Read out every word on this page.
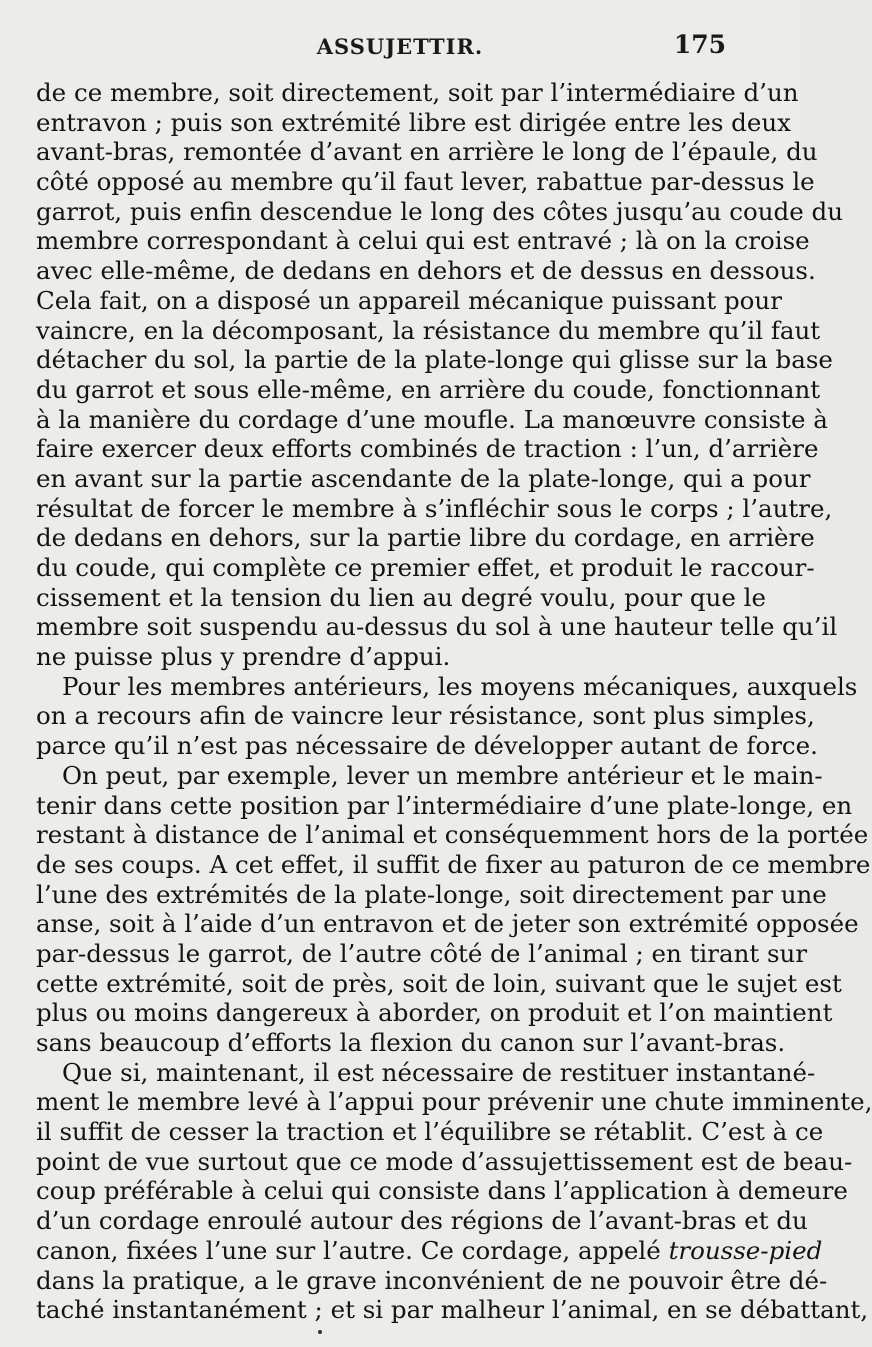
ASSUJETTIR.	175
de ce membre, soit directement, soit par l’intermédiaire d’un
entravon ; puis son extrémité libre est dirigée entre les deux
avant-bras, remontée d’avant en arrière le long de l’épaule, du
côté opposé au membre qu’il faut lever, rabattue par-dessus le
garrot, puis enfin descendue le long des côtes jusqu’au coude du
membre correspondant à celui qui est entravé ; là on la croise
avec elle-même, de dedans en dehors et de dessus en dessous.
Cela fait, on a disposé un appareil mécanique puissant pour
vaincre, en la décomposant, la résistance du membre qu’il faut
détacher du sol, la partie de la plate-longe qui glisse sur la base
du garrot et sous elle-même, en arrière du coude, fonctionnant
à la manière du cordage d’une moufle. La manœuvre consiste à
faire exercer deux efforts combinés de traction : l’un, d’arrière
en avant sur la partie ascendante de la plate-longe, qui a pour
résultat de forcer le membre à s’infléchir sous le corps ; l’autre,
de dedans en dehors, sur la partie libre du cordage, en arrière
du coude, qui complète ce premier effet, et produit le raccour-
cissement et la tension du lien au degré voulu, pour que le
membre soit suspendu au-dessus du sol à une hauteur telle qu’il
ne puisse plus y prendre d’appui.
Pour les membres antérieurs, les moyens mécaniques, auxquels
on a recours afin de vaincre leur résistance, sont plus simples,
parce qu’il n’est pas nécessaire de développer autant de force.
On peut, par exemple, lever un membre antérieur et le main-
tenir dans cette position par l’intermédiaire d’une plate-longe, en
restant à distance de l’animal et conséquemment hors de la portée
de ses coups. A cet effet, il suffit de fixer au paturon de ce membre
l’une des extrémités de la plate-longe, soit directement par une
anse, soit à l’aide d’un entravon et de jeter son extrémité opposée
par-dessus le garrot, de l’autre côté de l’animal ; en tirant sur
cette extrémité, soit de près, soit de loin, suivant que le sujet est
plus ou moins dangereux à aborder, on produit et l’on maintient
sans beaucoup d’efforts la flexion du canon sur l’avant-bras.
Que si, maintenant, il est nécessaire de restituer instantané-
ment le membre levé à l’appui pour prévenir une chute imminente,
il suffit de cesser la traction et l’équilibre se rétablit. C’est à ce
point de vue surtout que ce mode d’assujettissement est de beau-
coup préférable à celui qui consiste dans l’application à demeure
d’un cordage enroulé autour des régions de l’avant-bras et du
canon, fixées l’une sur l’autre. Ce cordage, appelé trousse-pied
dans la pratique, a le grave inconvénient de ne pouvoir être dé-
taché instantanément ; et si par malheur l’animal, en se débattant,
